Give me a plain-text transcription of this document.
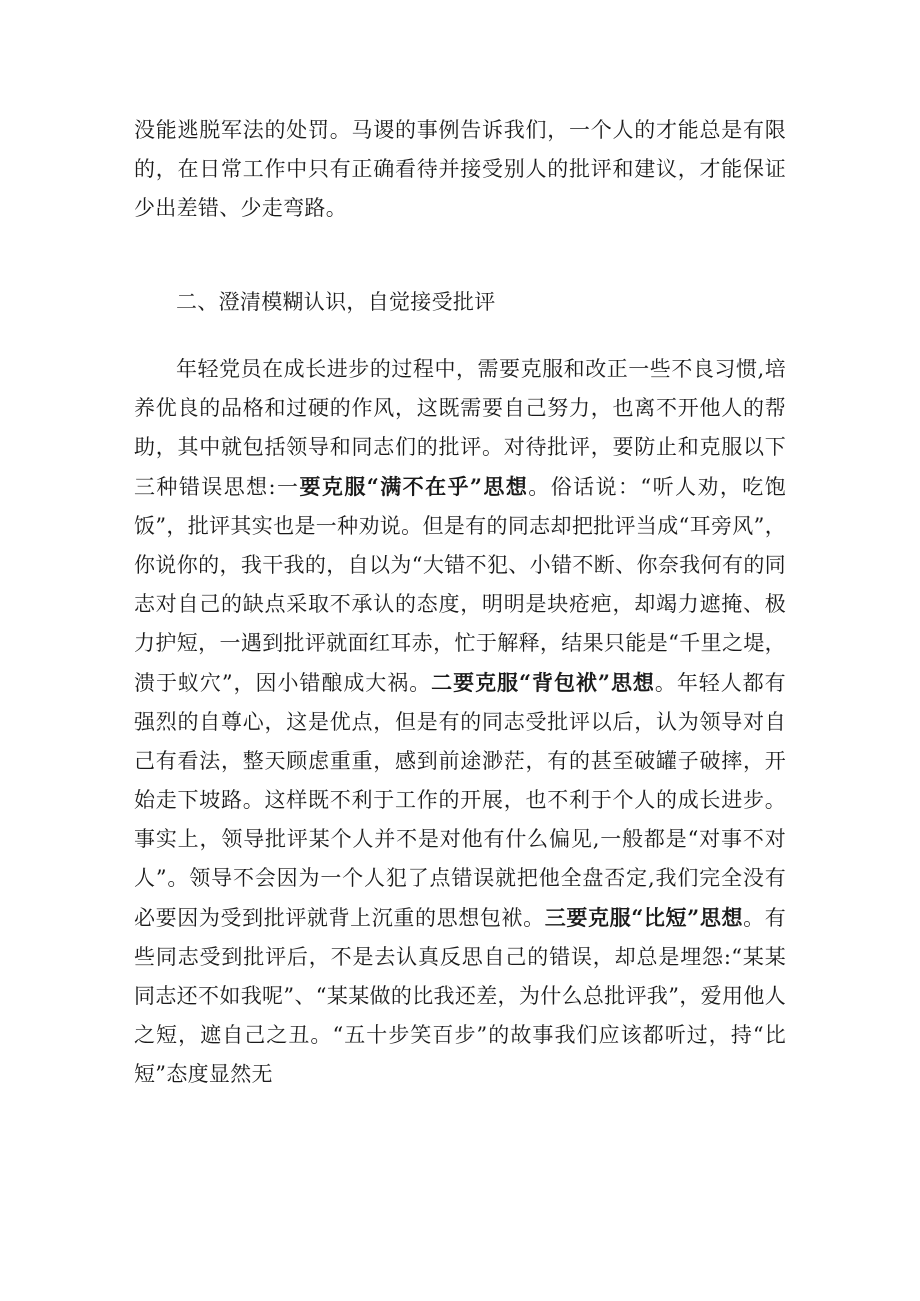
没能逃脱军法的处罚。马谡的事例告诉我们，一个人的才能总是有限的，在日常工作中只有正确看待并接受别人的批评和建议，才能保证少出差错、少走弯路。

二、澄清模糊认识，自觉接受批评

年轻党员在成长进步的过程中，需要克服和改正一些不良习惯,培养优良的品格和过硬的作风，这既需要自己努力，也离不开他人的帮助，其中就包括领导和同志们的批评。对待批评，要防止和克服以下三种错误思想:一要克服“满不在乎”思想。俗话说：“听人劝，吃饱饭”，批评其实也是一种劝说。但是有的同志却把批评当成“耳旁风”，你说你的，我干我的，自以为“大错不犯、小错不断、你奈我何有的同志对自己的缺点采取不承认的态度，明明是块疮疤，却竭力遮掩、极力护短，一遇到批评就面红耳赤，忙于解释，结果只能是“千里之堤，溃于蚁穴”，因小错酿成大祸。二要克服“背包袱”思想。年轻人都有强烈的自尊心，这是优点，但是有的同志受批评以后，认为领导对自己有看法，整天顾虑重重，感到前途渺茫，有的甚至破罐子破摔，开始走下坡路。这样既不利于工作的开展，也不利于个人的成长进步。事实上，领导批评某个人并不是对他有什么偏见,一般都是“对事不对人”。领导不会因为一个人犯了点错误就把他全盘否定,我们完全没有必要因为受到批评就背上沉重的思想包袱。三要克服“比短”思想。有些同志受到批评后，不是去认真反思自己的错误，却总是埋怨:“某某同志还不如我呢”、“某某做的比我还差，为什么总批评我”，爱用他人之短，遮自己之丑。“五十步笑百步”的故事我们应该都听过，持“比短”态度显然无
